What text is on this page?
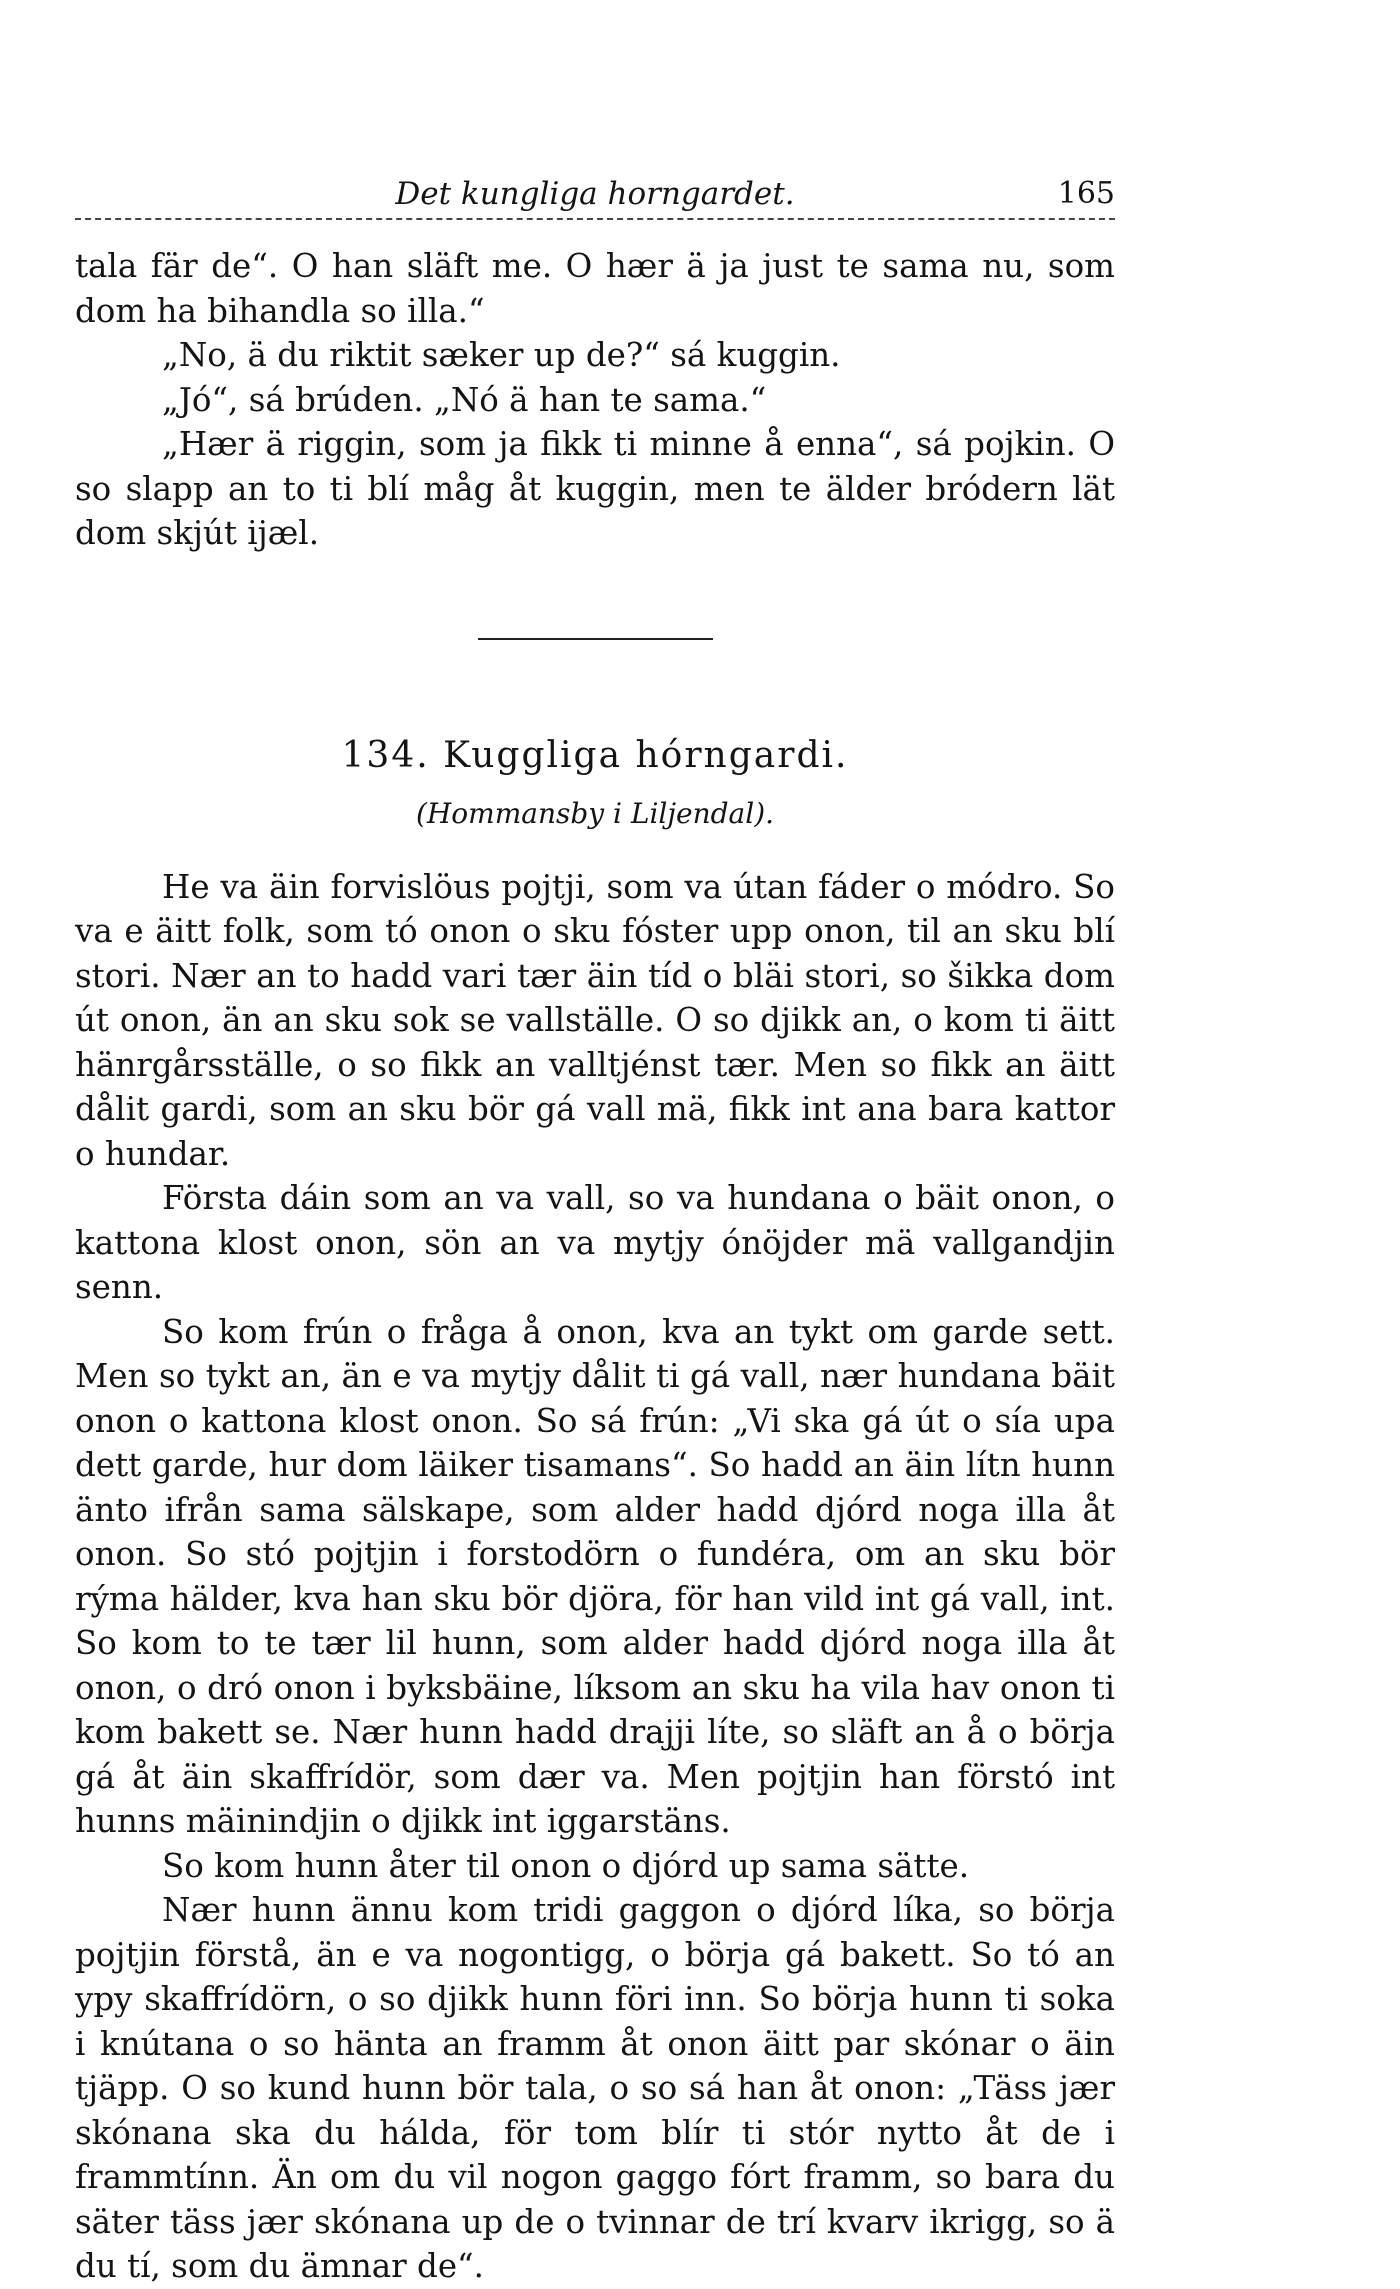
Det kungliga horngardet.	165

tala fär de“. O han släft me. O hær ä ja just te sama nu, som dom ha bihandla so illa.“

„No, ä du riktit sæker up de?“ sá kuggin.

„Jó“, sá brúden. „Nó ä han te sama.“

„Hær ä riggin, som ja fikk ti minne å enna“, sá pojkin. O so slapp an to ti blí måg åt kuggin, men te älder bródern lät dom skjút ijæl.

134. Kuggliga hórngardi.
(Hommansby i Liljendal).

He va äin forvislöus pojtji, som va útan fáder o módro. So va e äitt folk, som tó onon o sku fóster upp onon, til an sku blí stori. Nær an to hadd vari tær äin tíd o bläi stori, so šikka dom út onon, än an sku sok se vallställe. O so djikk an, o kom ti äitt hänrgårsställe, o so fikk an valltjénst tær. Men so fikk an äitt dålit gardi, som an sku bör gá vall mä, fikk int ana bara kattor o hundar.

Första dáin som an va vall, so va hundana o bäit onon, o kattona klost onon, sön an va mytjy ónöjder mä vallgandjin senn.

So kom frún o fråga å onon, kva an tykt om garde sett. Men so tykt an, än e va mytjy dålit ti gá vall, nær hundana bäit onon o kattona klost onon. So sá frún: „Vi ska gá út o sía upa dett garde, hur dom läiker tisamans“. So hadd an äin lítn hunn änto ifrån sama sälskape, som alder hadd djórd noga illa åt onon. So stó pojtjin i forstodörn o fundéra, om an sku bör rýma hälder, kva han sku bör djöra, för han vild int gá vall, int. So kom to te tær lil hunn, som alder hadd djórd noga illa åt onon, o dró onon i byksbäine, líksom an sku ha vila hav onon ti kom bakett se. Nær hunn hadd drajji líte, so släft an å o börja gá åt äin skaffrídör, som dær va. Men pojtjin han förstó int hunns mäinindjin o djikk int iggarstäns.

So kom hunn åter til onon o djórd up sama sätte.

Nær hunn ännu kom tridi gaggon o djórd líka, so börja pojtjin förstå, än e va nogontigg, o börja gá bakett. So tó an ypy skaffrídörn, o so djikk hunn föri inn. So börja hunn ti soka i knútana o so hänta an framm åt onon äitt par skónar o äin tjäpp. O so kund hunn bör tala, o so sá han åt onon: „Täss jær skónana ska du hálda, för tom blír ti stór nytto åt de i frammtínn. Än om du vil nogon gaggo fórt framm, so bara du säter täss jær skónana up de o tvinnar de trí kvarv ikrigg, so ä du tí, som du ämnar de“.
